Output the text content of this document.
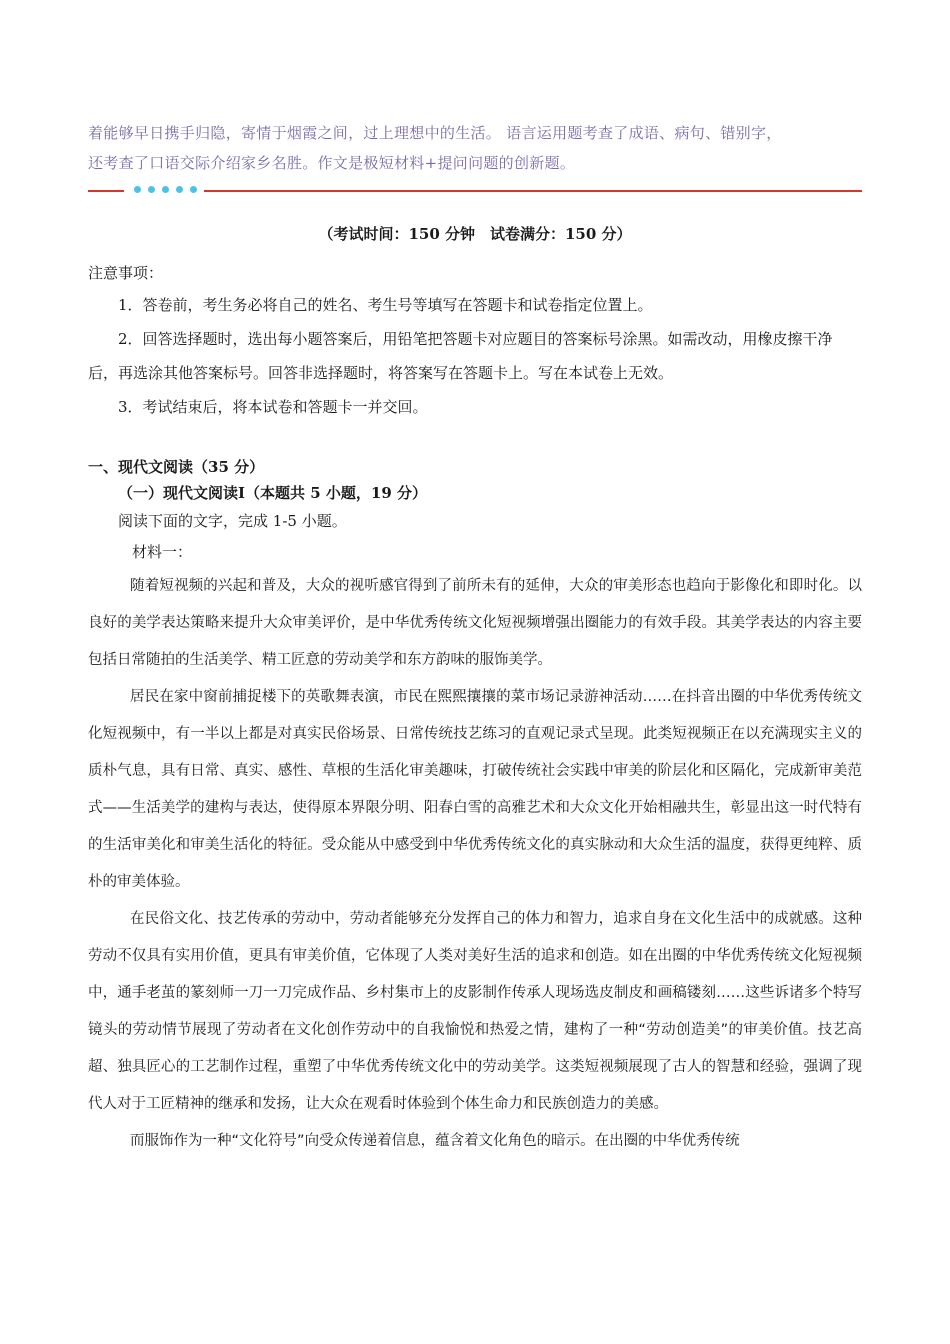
着能够早日携手归隐，寄情于烟霞之间，过上理想中的生活。 语言运用题考查了成语、病句、错别字，
还考查了口语交际介绍家乡名胜。作文是极短材料+提问问题的创新题。

（考试时间：150 分钟　试卷满分：150 分）
注意事项：

1．答卷前，考生务必将自己的姓名、考生号等填写在答题卡和试卷指定位置上。

2．回答选择题时，选出每小题答案后，用铅笔把答题卡对应题目的答案标号涂黑。如需改动，用橡皮擦干净后，再选涂其他答案标号。回答非选择题时，将答案写在答题卡上。写在本试卷上无效。

3．考试结束后，将本试卷和答题卡一并交回。

一、现代文阅读（35 分）
（一）现代文阅读Ⅰ（本题共 5 小题，19 分）
阅读下面的文字，完成 1-5 小题。
材料一：

随着短视频的兴起和普及，大众的视听感官得到了前所未有的延伸，大众的审美形态也趋向于影像化和即时化。以良好的美学表达策略来提升大众审美评价，是中华优秀传统文化短视频增强出圈能力的有效手段。其美学表达的内容主要包括日常随拍的生活美学、精工匠意的劳动美学和东方韵味的服饰美学。

居民在家中窗前捕捉楼下的英歌舞表演，市民在熙熙攘攘的菜市场记录游神活动……在抖音出圈的中华优秀传统文化短视频中，有一半以上都是对真实民俗场景、日常传统技艺练习的直观记录式呈现。此类短视频正在以充满现实主义的质朴气息，具有日常、真实、感性、草根的生活化审美趣味，打破传统社会实践中审美的阶层化和区隔化，完成新审美范式——生活美学的建构与表达，使得原本界限分明、阳春白雪的高雅艺术和大众文化开始相融共生，彰显出这一时代特有的生活审美化和审美生活化的特征。受众能从中感受到中华优秀传统文化的真实脉动和大众生活的温度，获得更纯粹、质朴的审美体验。

在民俗文化、技艺传承的劳动中，劳动者能够充分发挥自己的体力和智力，追求自身在文化生活中的成就感。这种劳动不仅具有实用价值，更具有审美价值，它体现了人类对美好生活的追求和创造。如在出圈的中华优秀传统文化短视频中，通手老茧的篆刻师一刀一刀完成作品、乡村集市上的皮影制作传承人现场选皮制皮和画稿镂刻……这些诉诸多个特写镜头的劳动情节展现了劳动者在文化创作劳动中的自我愉悦和热爱之情，建构了一种“劳动创造美”的审美价值。技艺高超、独具匠心的工艺制作过程，重塑了中华优秀传统文化中的劳动美学。这类短视频展现了古人的智慧和经验，强调了现代人对于工匠精神的继承和发扬，让大众在观看时体验到个体生命力和民族创造力的美感。

而服饰作为一种“文化符号”向受众传递着信息，蕴含着文化角色的暗示。在出圈的中华优秀传统
